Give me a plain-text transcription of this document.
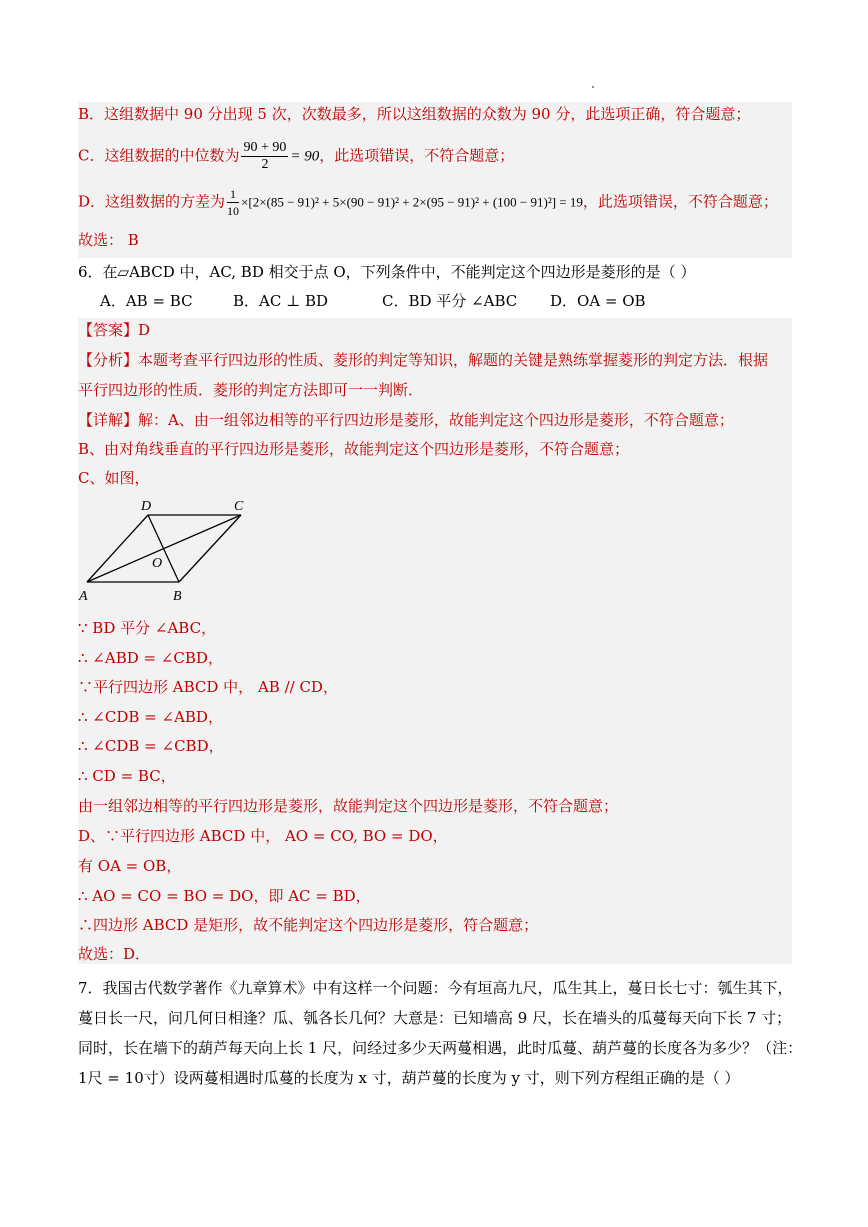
B．这组数据中 90 分出现 5 次，次数最多，所以这组数据的众数为 90 分，此选项正确，符合题意；
C．这组数据的中位数为 $\frac{90 + 90}{2} = 90$，此选项错误，不符合题意；
D．这组数据的方差为 $\frac{1}{10} \times[2\times(85 - 91)^2 + 5\times(90 - 91)^2 + 2\times(95 - 91)^2 + (100 - 91)^2] = 19$，此选项错误，不符合题意；
故选： B
6．在▱ABCD 中，AC, BD 相交于点 O，下列条件中，不能判定这个四边形是菱形的是（ ）
A．AB = BC	B．AC ⊥ BD	C．BD 平分 ∠ABC D．OA = OB
【答案】D
【分析】本题考查平行四边形的性质、菱形的判定等知识，解题的关键是熟练掌握菱形的判定方法．根据
平行四边形的性质．菱形的判定方法即可一一判断．
【详解】解：A、由一组邻边相等的平行四边形是菱形，故能判定这个四边形是菱形，不符合题意；
B、由对角线垂直的平行四边形是菱形，故能判定这个四边形是菱形，不符合题意；
C、如图，
A	B
C
D
O
∵ BD 平分 ∠ABC，
∴ ∠ABD = ∠CBD，
∵平行四边形 ABCD 中， AB // CD，
∴ ∠CDB = ∠ABD，
∴ ∠CDB = ∠CBD，
∴ CD = BC，
由一组邻边相等的平行四边形是菱形，故能判定这个四边形是菱形，不符合题意；
D、∵平行四边形 ABCD 中， AO = CO, BO = DO，
有 OA = OB，
∴ AO = CO = BO = DO，即 AC = BD，
∴四边形 ABCD 是矩形，故不能判定这个四边形是菱形，符合题意；
故选：D．
7．我国古代数学著作《九章算术》中有这样一个问题：今有垣高九尺，瓜生其上，蔓日长七寸：瓠生其下，
蔓日长一尺，问几何日相逢？瓜、瓠各长几何？大意是：已知墙高 9 尺，长在墙头的瓜蔓每天向下长 7 寸；
同时，长在墙下的葫芦每天向上长 1 尺，问经过多少天两蔓相遇，此时瓜蔓、葫芦蔓的长度各为多少？（注：
1尺 = 10寸）设两蔓相遇时瓜蔓的长度为 x 寸，葫芦蔓的长度为 y 寸，则下列方程组正确的是（ ）
